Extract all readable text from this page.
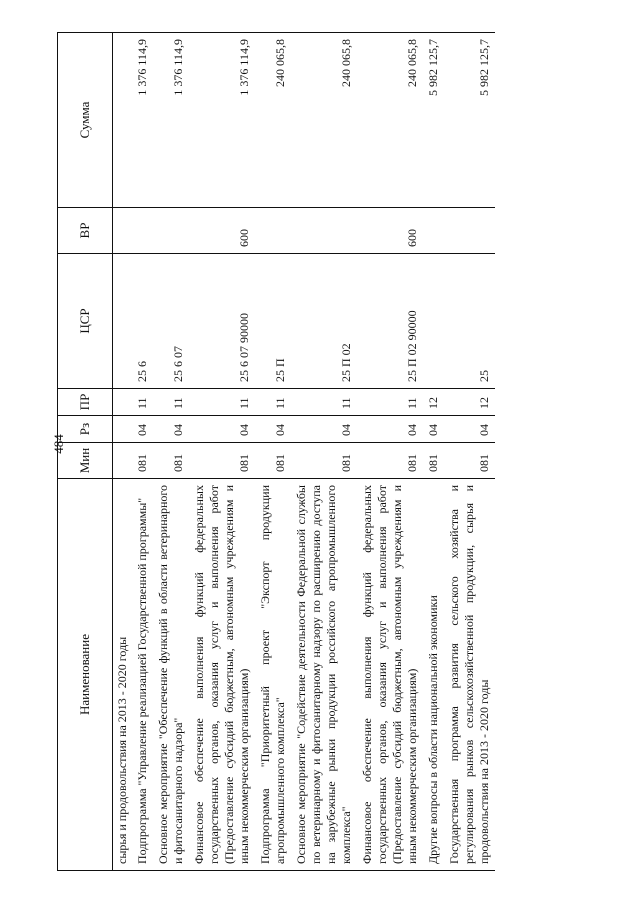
484
Наименование	Мин	Рз	ПР	ЦСР	ВР	Сумма
сырья и продовольствия на 2013 - 2020 годы						
Подпрограмма "Управление реализацией Государственной программы"	081	04	11	25 6		1 376 114,9
Основное мероприятие "Обеспечение функций в области ветеринарного и фитосанитарного надзора"	081	04	11	25 6 07		1 376 114,9
Финансовое обеспечение выполнения функций федеральных государственных органов, оказания услуг и выполнения работ (Предоставление субсидий бюджетным, автономным учреждениям и иным некоммерческим организациям)	081	04	11	25 6 07 90000	600	1 376 114,9
Подпрограмма "Приоритетный проект "Экспорт продукции агропромышленного комплекса"	081	04	11	25 П		240 065,8
Основное мероприятие "Содействие деятельности Федеральной службы по ветеринарному и фитосанитарному надзору по расширению доступа на зарубежные рынки продукции российского агропромышленного комплекса"	081	04	11	25 П 02		240 065,8
Финансовое обеспечение выполнения функций федеральных государственных органов, оказания услуг и выполнения работ (Предоставление субсидий бюджетным, автономным учреждениям и иным некоммерческим организациям)	081	04	11	25 П 02 90000	600	240 065,8
Другие вопросы в области национальной экономики	081	04	12			5 982 125,7
Государственная программа развития сельского хозяйства и регулирования рынков сельскохозяйственной продукции, сырья и продовольствия на 2013 - 2020 годы	081	04	12	25		5 982 125,7
